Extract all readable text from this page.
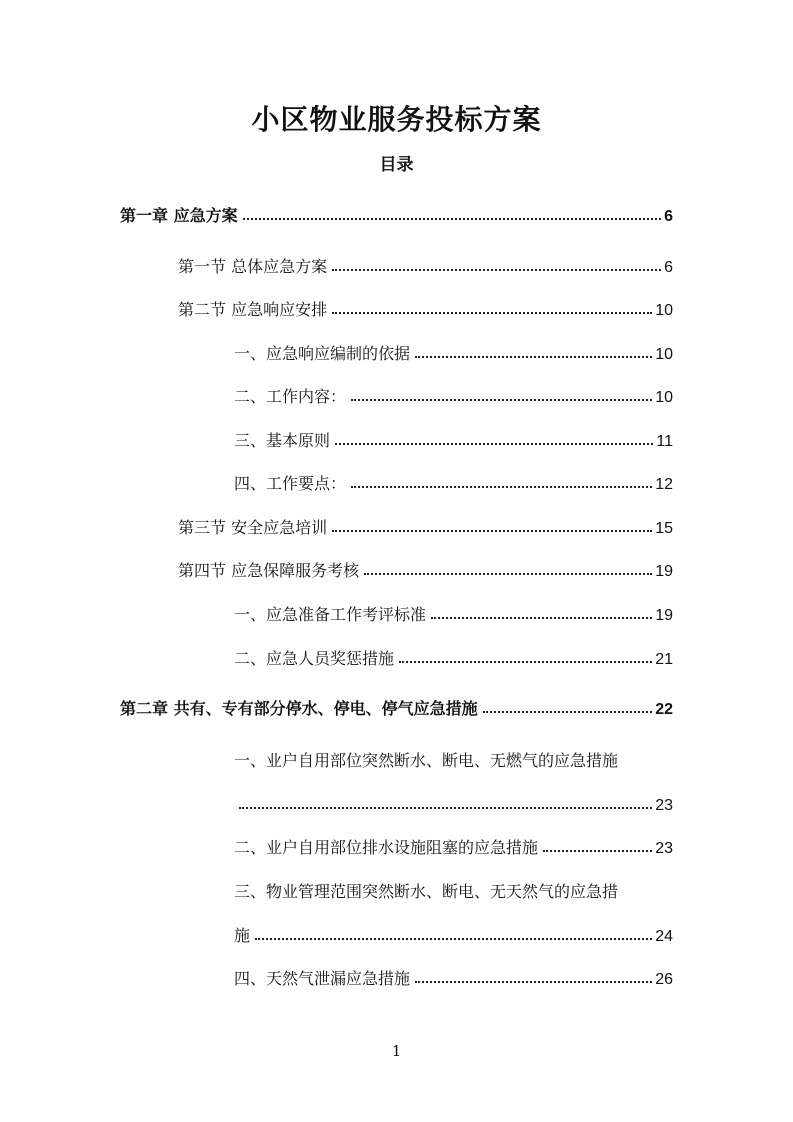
小区物业服务投标方案
目录
第一章 应急方案	6
第一节 总体应急方案	6
第二节 应急响应安排	10
一、应急响应编制的依据	10
二、工作内容：	10
三、基本原则	11
四、工作要点：	12
第三节 安全应急培训	15
第四节 应急保障服务考核	19
一、应急准备工作考评标准	19
二、应急人员奖惩措施	21
第二章 共有、专有部分停水、停电、停气应急措施	22
一、业户自用部位突然断水、断电、无燃气的应急措施
23
二、业户自用部位排水设施阻塞的应急措施	23
三、物业管理范围突然断水、断电、无天然气的应急措
施	24
四、天然气泄漏应急措施	26
1
